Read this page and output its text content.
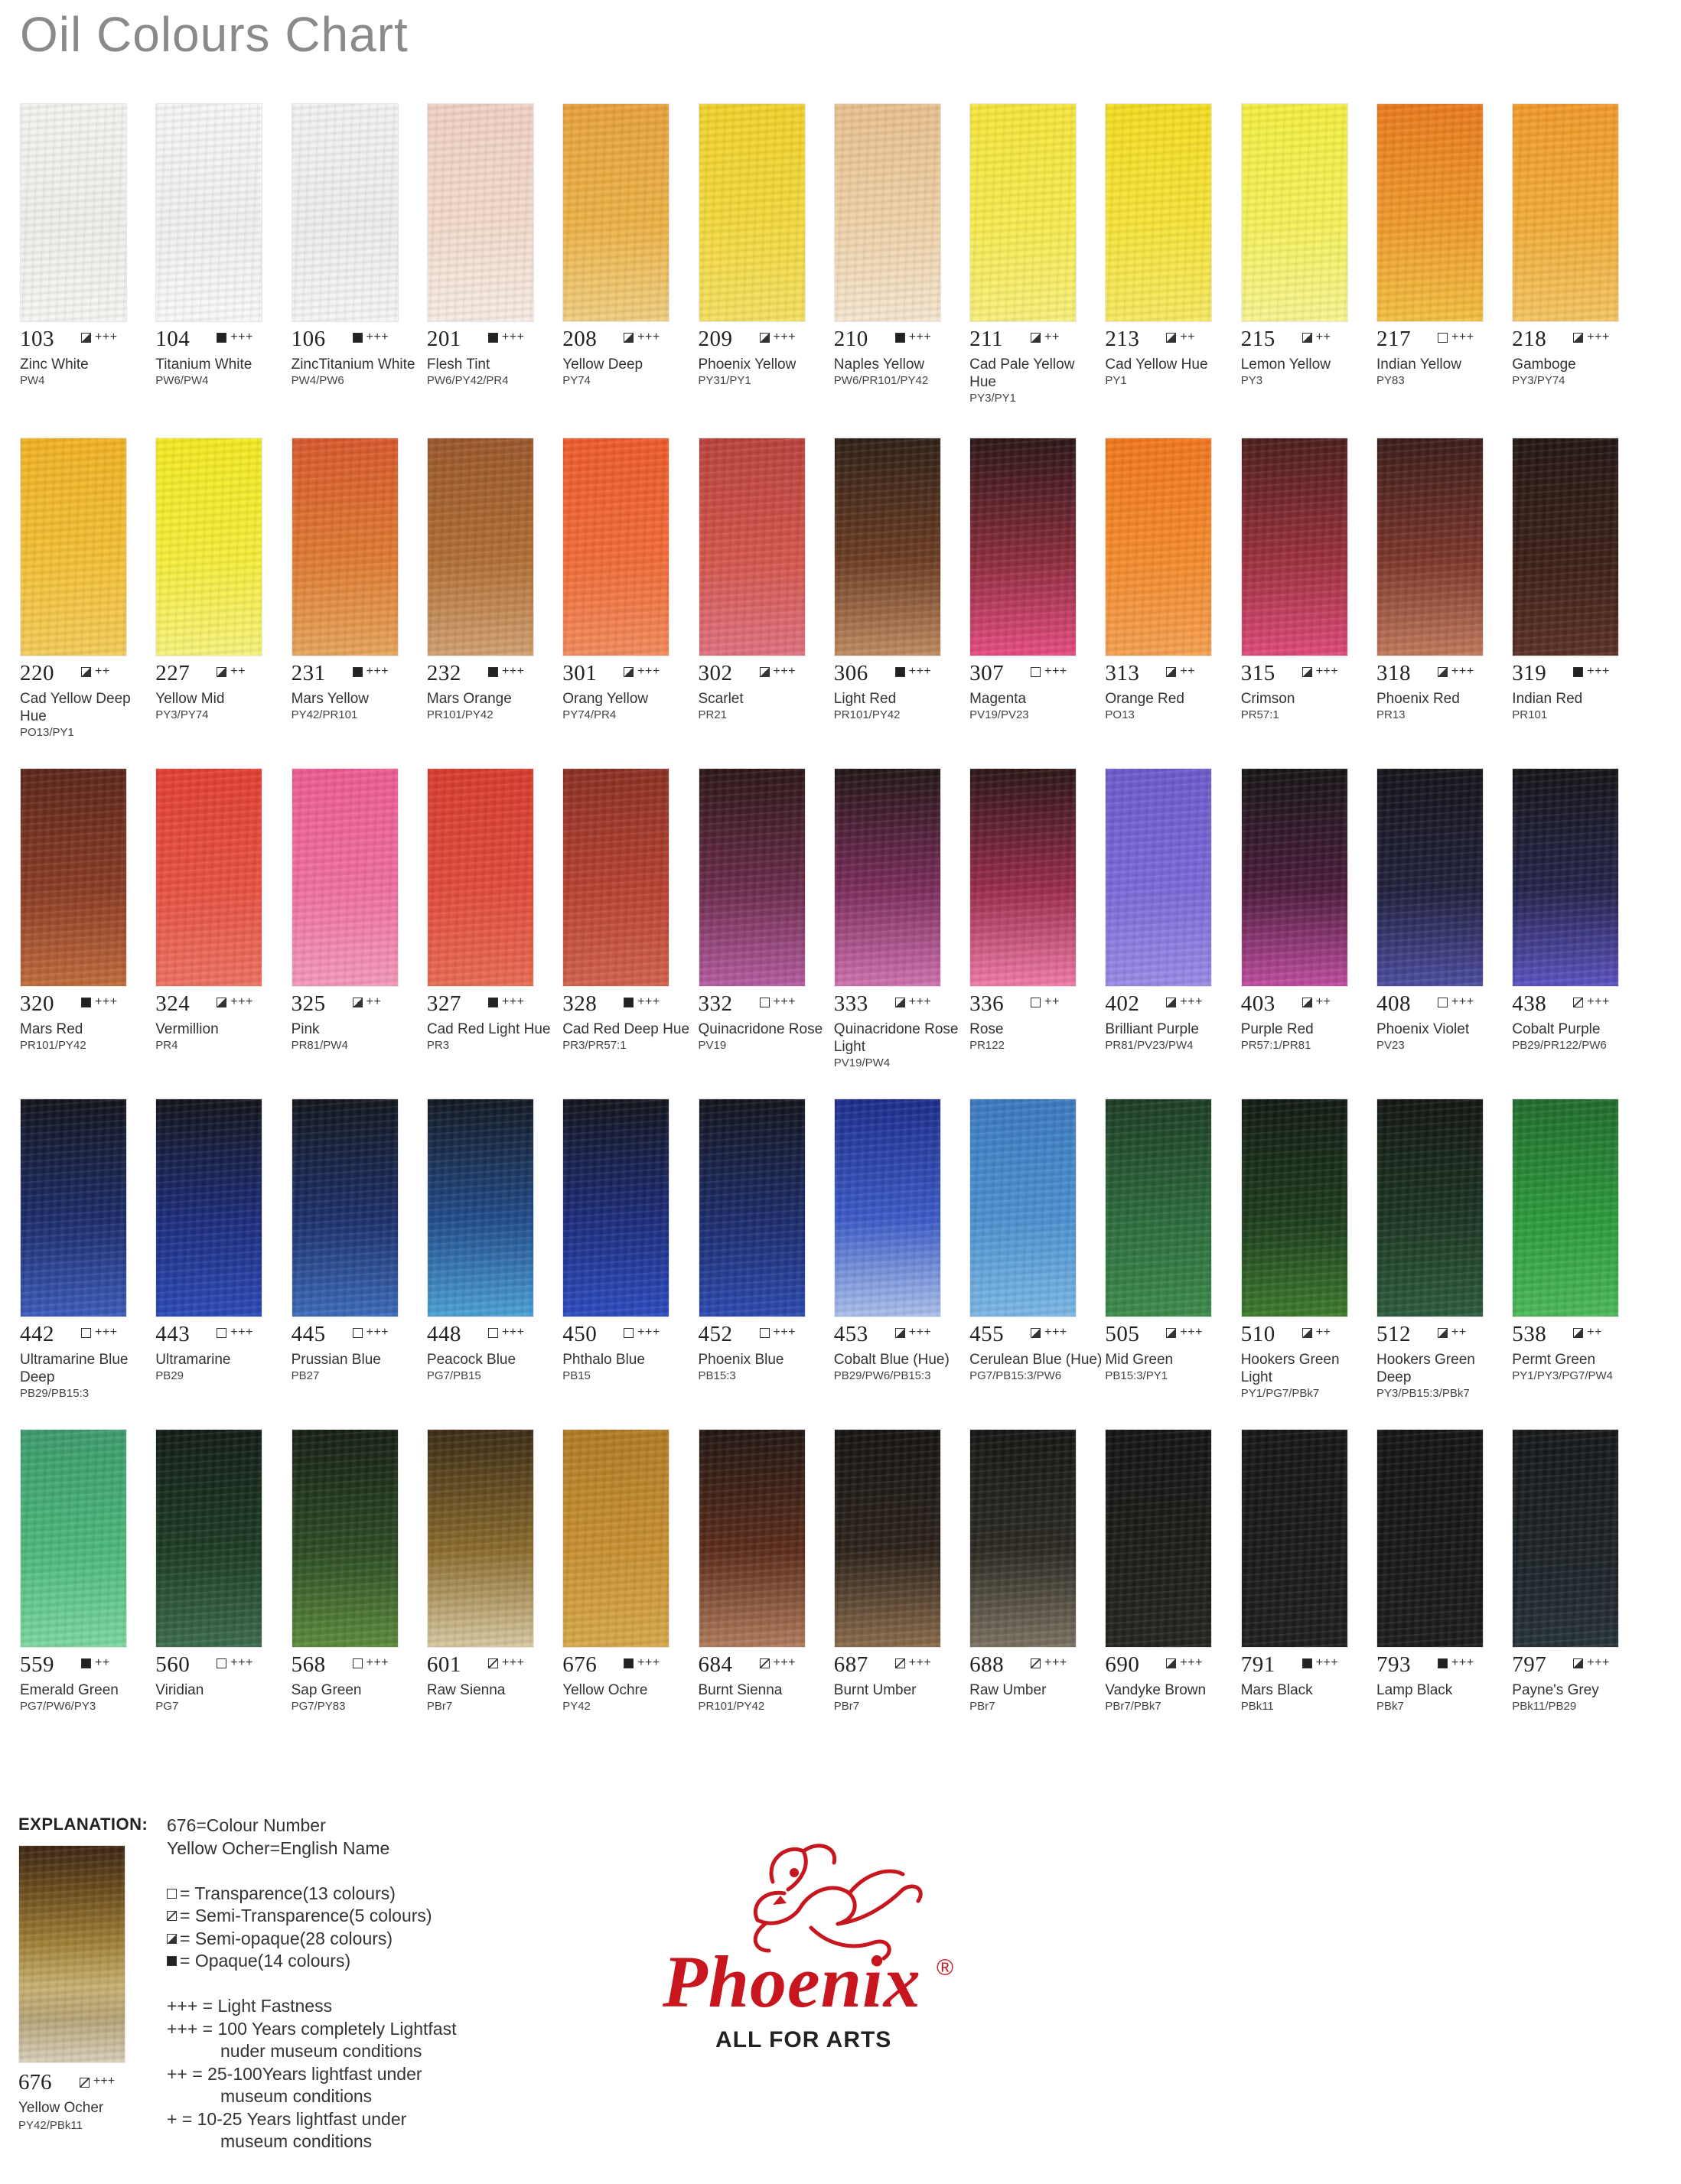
Oil Colours Chart
103	+++
Zinc White
PW4
104	+++
Titanium White
PW6/PW4
106	+++
ZincTitanium White
PW4/PW6
201	+++
Flesh Tint
PW6/PY42/PR4
208	+++
Yellow Deep
PY74
209	+++
Phoenix Yellow
PY31/PY1
210	+++
Naples Yellow
PW6/PR101/PY42
211	++
Cad Pale Yellow Hue
PY3/PY1
213	++
Cad Yellow Hue
PY1
215	++
Lemon Yellow
PY3
217	+++
Indian Yellow
PY83
218	+++
Gamboge
PY3/PY74
220	++
Cad Yellow Deep Hue
PO13/PY1
227	++
Yellow Mid
PY3/PY74
231	+++
Mars Yellow
PY42/PR101
232	+++
Mars Orange
PR101/PY42
301	+++
Orang Yellow
PY74/PR4
302	+++
Scarlet
PR21
306	+++
Light Red
PR101/PY42
307	+++
Magenta
PV19/PV23
313	++
Orange Red
PO13
315	+++
Crimson
PR57:1
318	+++
Phoenix Red
PR13
319	+++
Indian Red
PR101
320	+++
Mars Red
PR101/PY42
324	+++
Vermillion
PR4
325	++
Pink
PR81/PW4
327	+++
Cad Red Light Hue
PR3
328	+++
Cad Red Deep Hue
PR3/PR57:1
332	+++
Quinacridone Rose
PV19
333	+++
Quinacridone Rose Light
PV19/PW4
336	++
Rose
PR122
402	+++
Brilliant Purple
PR81/PV23/PW4
403	++
Purple Red
PR57:1/PR81
408	+++
Phoenix Violet
PV23
438	+++
Cobalt Purple
PB29/PR122/PW6
442	+++
Ultramarine Blue Deep
PB29/PB15:3
443	+++
Ultramarine
PB29
445	+++
Prussian Blue
PB27
448	+++
Peacock Blue
PG7/PB15
450	+++
Phthalo Blue
PB15
452	+++
Phoenix Blue
PB15:3
453	+++
Cobalt Blue (Hue)
PB29/PW6/PB15:3
455	+++
Cerulean Blue (Hue)
PG7/PB15:3/PW6
505	+++
Mid Green
PB15:3/PY1
510	++
Hookers Green Light
PY1/PG7/PBk7
512	++
Hookers Green Deep
PY3/PB15:3/PBk7
538	++
Permt Green
PY1/PY3/PG7/PW4
559	++
Emerald Green
PG7/PW6/PY3
560	+++
Viridian
PG7
568	+++
Sap Green
PG7/PY83
601	+++
Raw Sienna
PBr7
676	+++
Yellow Ochre
PY42
684	+++
Burnt Sienna
PR101/PY42
687	+++
Burnt Umber
PBr7
688	+++
Raw Umber
PBr7
690	+++
Vandyke Brown
PBr7/PBk7
791	+++
Mars Black
PBk11
793	+++
Lamp Black
PBk7
797	+++
Payne's Grey
PBk11/PB29
EXPLANATION:
676	+++
Yellow Ocher
PY42/PBk11
676=Colour Number
Yellow Ocher=English Name
= Transparence(13 colours)
= Semi-Transparence(5 colours)
= Semi-opaque(28 colours)
= Opaque(14 colours)
+++ = Light Fastness
+++ = 100 Years completely Lightfast
nuder museum conditions
++ = 25-100Years lightfast under
museum conditions
+ = 10-25 Years lightfast under
museum conditions
Phoenix ®
ALL FOR ARTS
